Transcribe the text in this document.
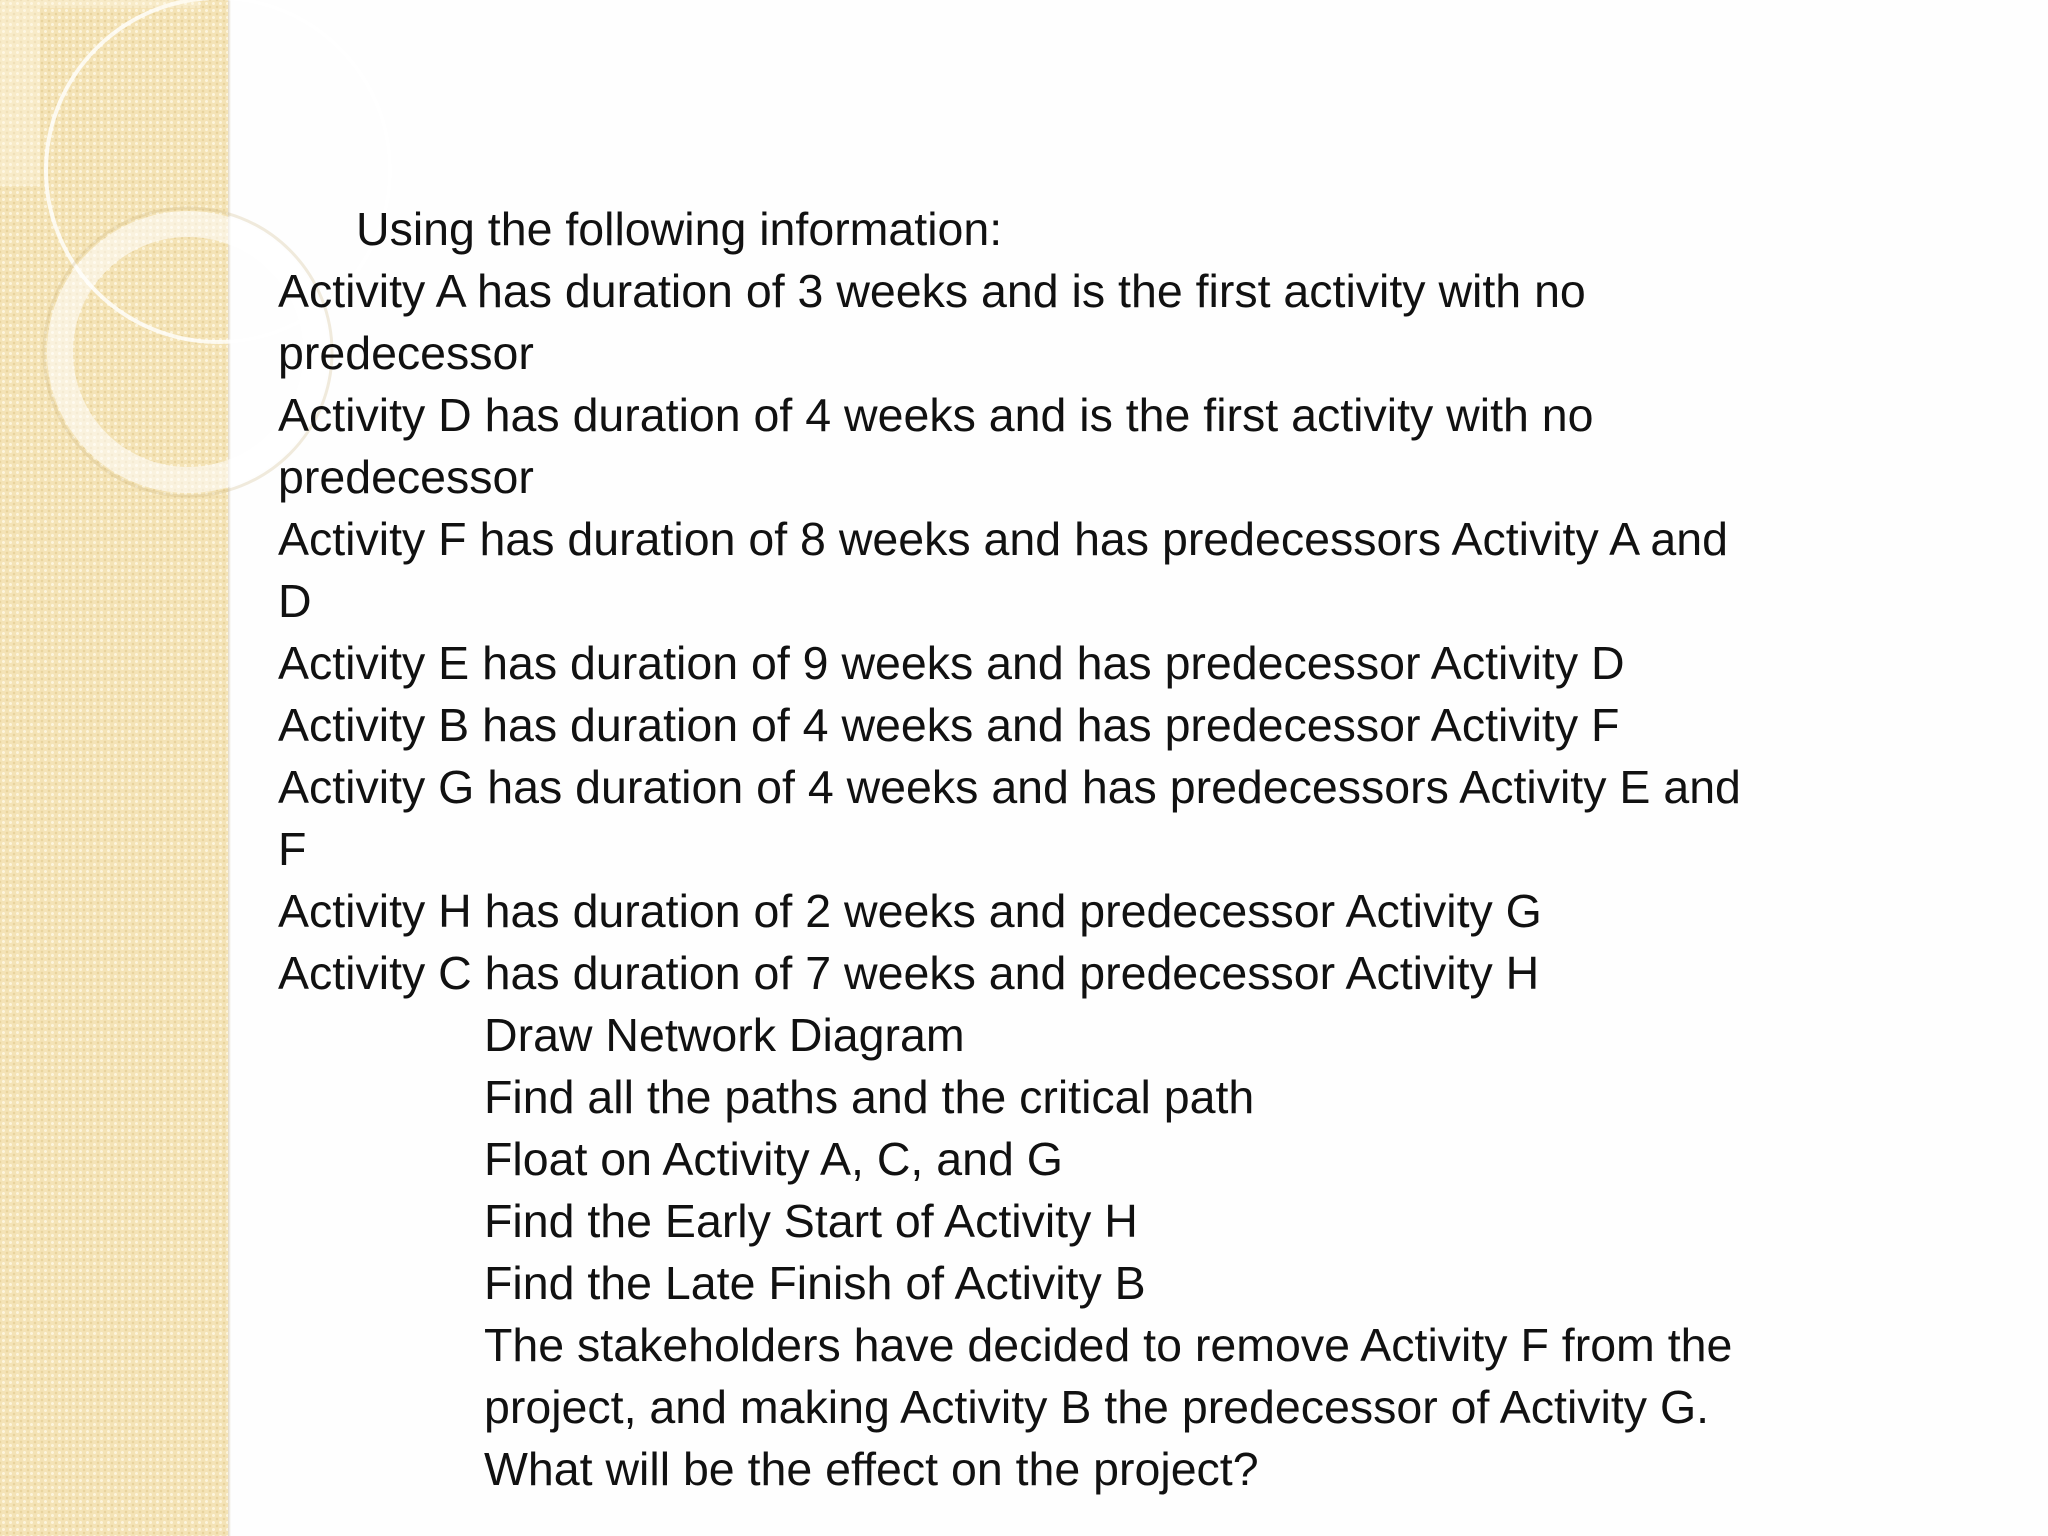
Using the following information:
Activity A has duration of 3 weeks and is the first activity with no
predecessor
Activity D has duration of 4 weeks and is the first activity with no
predecessor
Activity F has duration of 8 weeks and has predecessors Activity A and
D
Activity E has duration of 9 weeks and has predecessor Activity D
Activity B has duration of 4 weeks and has predecessor Activity F
Activity G has duration of 4 weeks and has predecessors Activity E and
F
Activity H has duration of 2 weeks and predecessor Activity G
Activity C has duration of 7 weeks and predecessor Activity H
Draw Network Diagram
Find all the paths and the critical path
Float on Activity A, C, and G
Find the Early Start of Activity H
Find the Late Finish of Activity B
The stakeholders have decided to remove Activity F from the
project, and making Activity B the predecessor of Activity G.
What will be the effect on the project?
